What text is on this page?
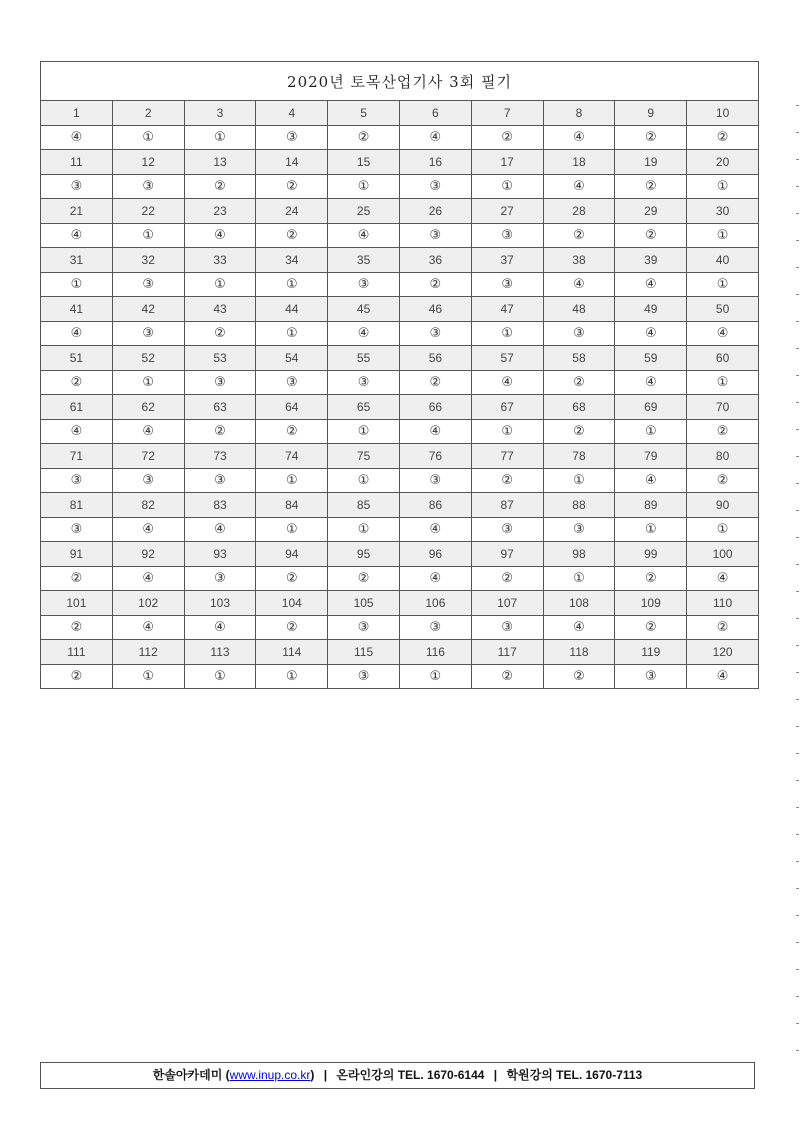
2020년 토목산업기사 3회 필기									
1	2	3	4	5	6	7	8	9	10
④	①	①	③	②	④	②	④	②	②
11	12	13	14	15	16	17	18	19	20
③	③	②	②	①	③	①	④	②	①
21	22	23	24	25	26	27	28	29	30
④	①	④	②	④	③	③	②	②	①
31	32	33	34	35	36	37	38	39	40
①	③	①	①	③	②	③	④	④	①
41	42	43	44	45	46	47	48	49	50
④	③	②	①	④	③	①	③	④	④
51	52	53	54	55	56	57	58	59	60
②	①	③	③	③	②	④	②	④	①
61	62	63	64	65	66	67	68	69	70
④	④	②	②	①	④	①	②	①	②
71	72	73	74	75	76	77	78	79	80
③	③	③	①	①	③	②	①	④	②
81	82	83	84	85	86	87	88	89	90
③	④	④	①	①	④	③	③	①	①
91	92	93	94	95	96	97	98	99	100
②	④	③	②	②	④	②	①	②	④
101	102	103	104	105	106	107	108	109	110
②	④	④	②	③	③	③	④	②	②
111	112	113	114	115	116	117	118	119	120
②	①	①	①	③	①	②	②	③	④
한솔아카데미 (www.inup.co.kr) | 온라인강의 TEL. 1670-6144 | 학원강의 TEL. 1670-7113
